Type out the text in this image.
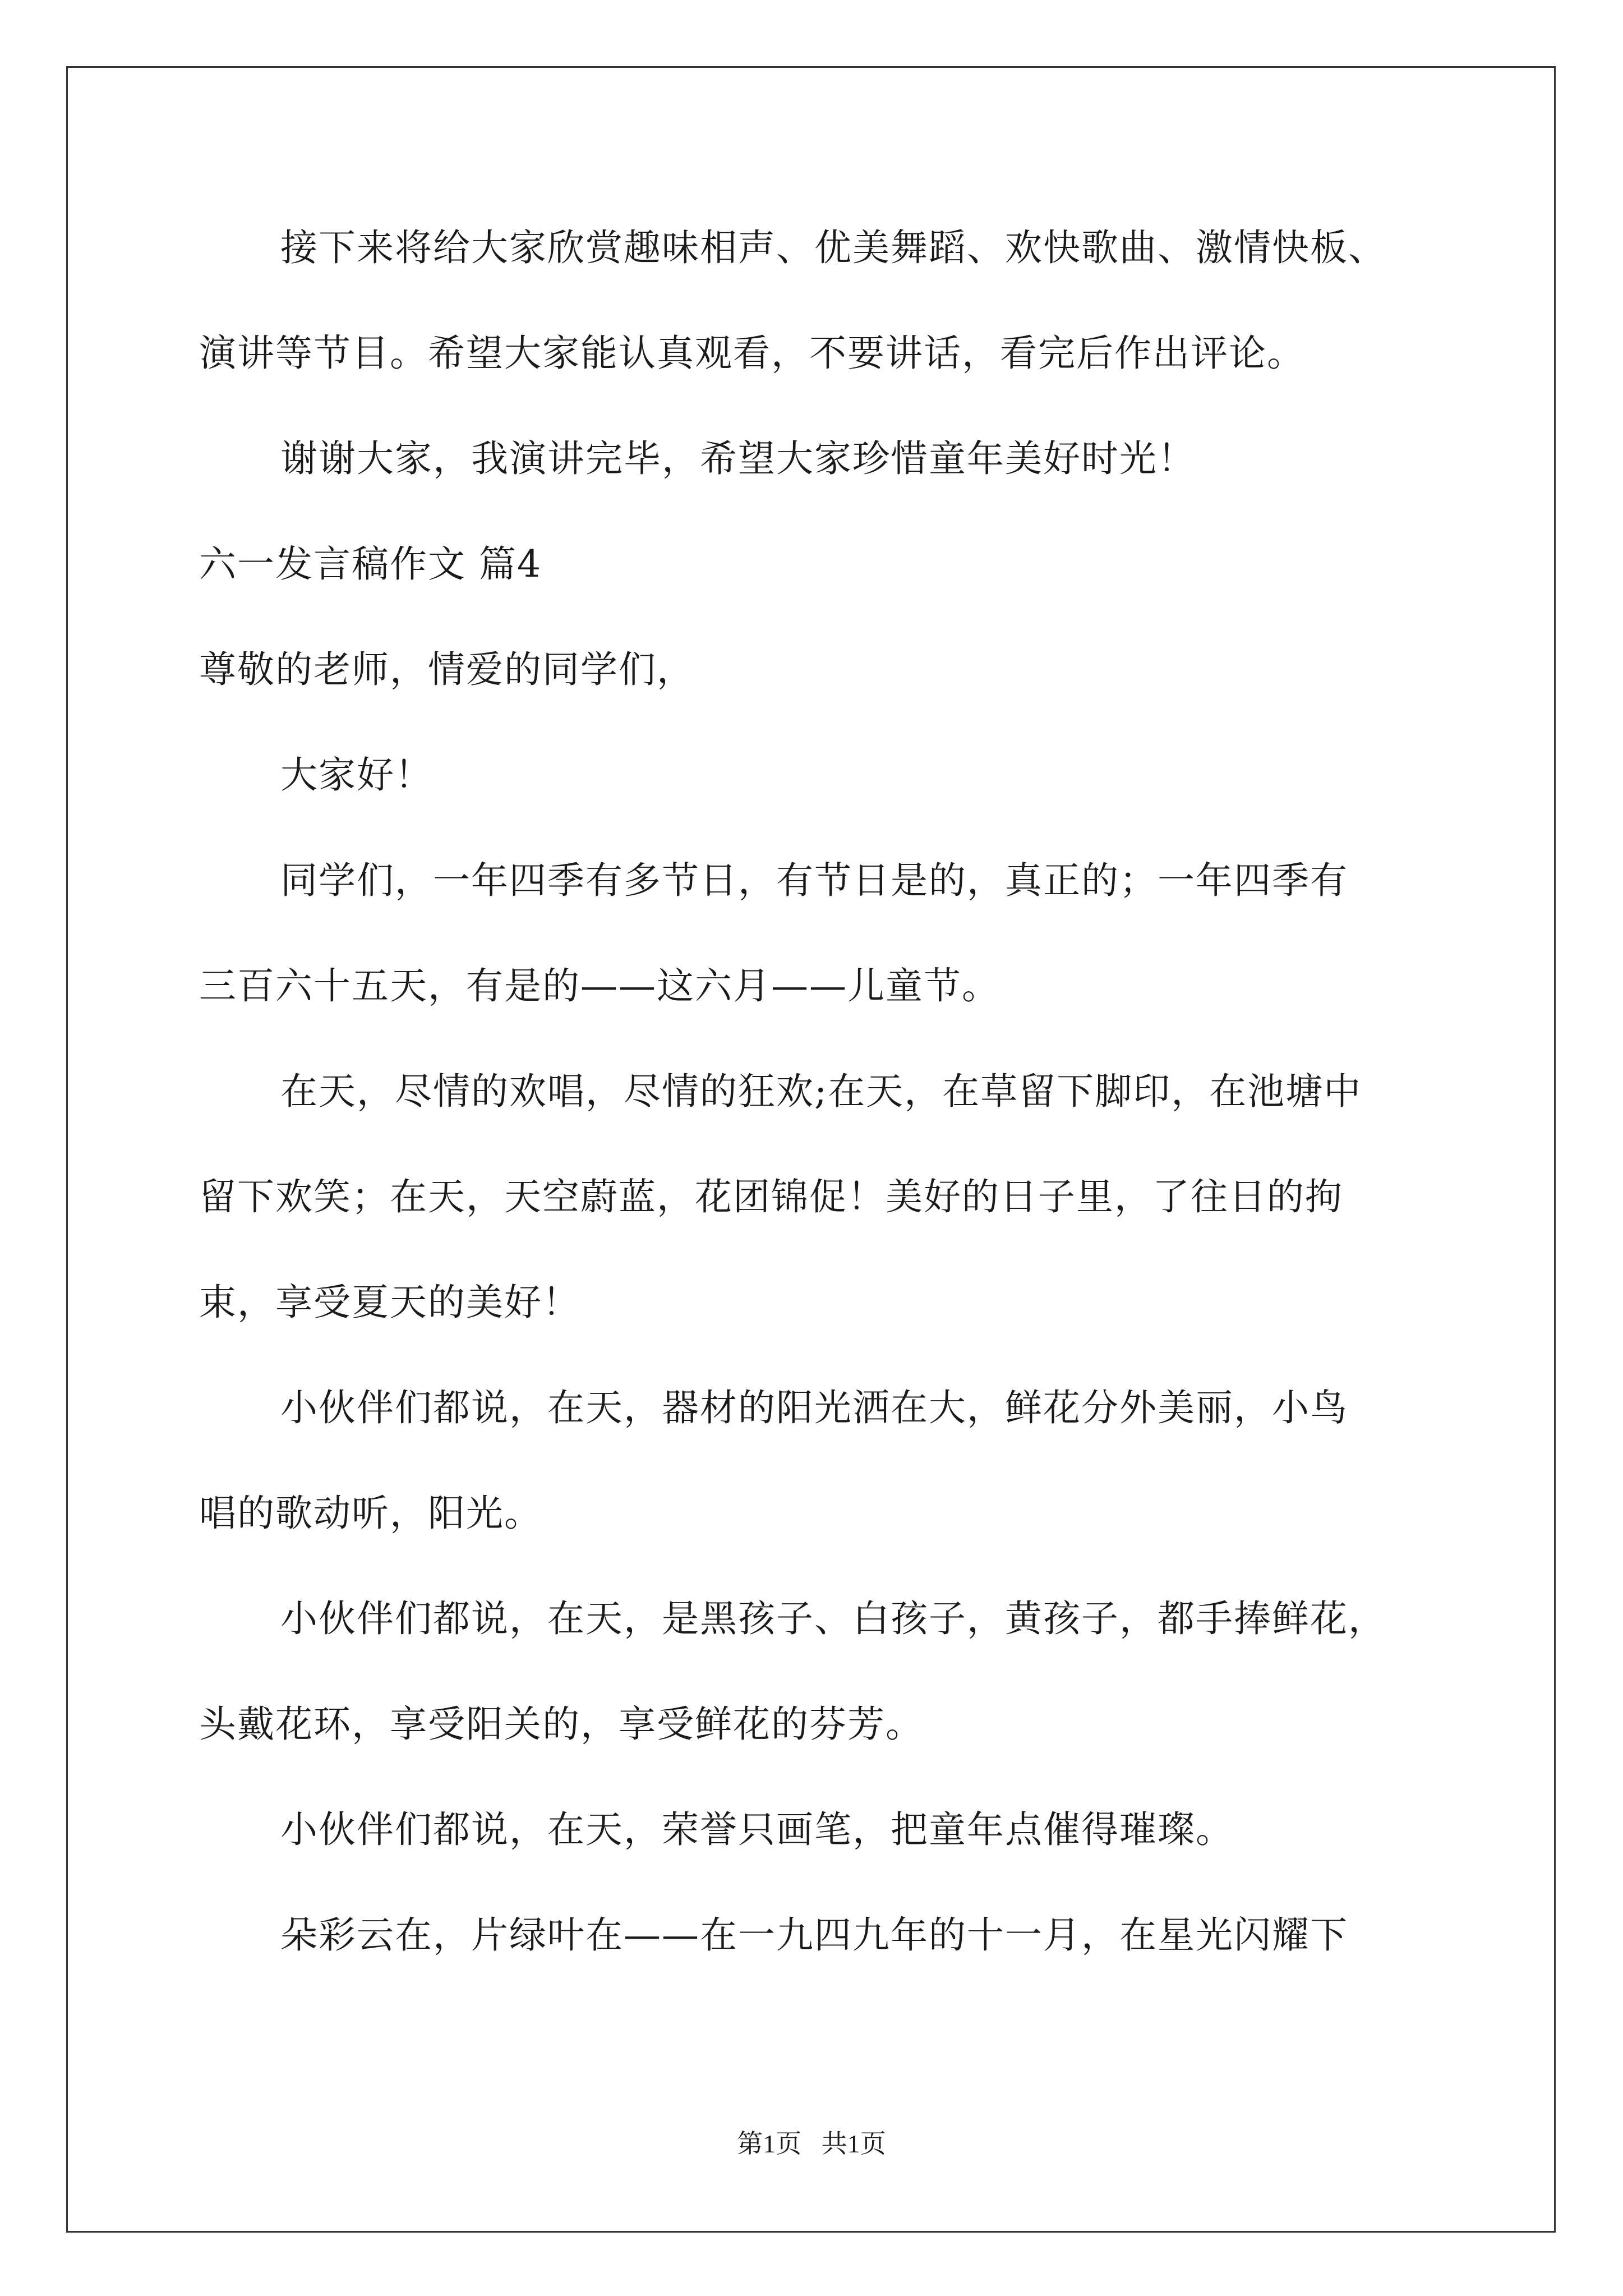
接下来将给大家欣赏趣味相声、优美舞蹈、欢快歌曲、激情快板、
演讲等节目。希望大家能认真观看，不要讲话，看完后作出评论。
谢谢大家，我演讲完毕，希望大家珍惜童年美好时光！
六一发言稿作文 篇4
尊敬的老师，情爱的同学们，
大家好！
同学们，一年四季有多节日，有节日是的，真正的；一年四季有
三百六十五天，有是的——这六月——儿童节。
在天，尽情的欢唱，尽情的狂欢;在天，在草留下脚印，在池塘中
留下欢笑；在天，天空蔚蓝，花团锦促！美好的日子里，了往日的拘
束，享受夏天的美好！
小伙伴们都说，在天，器材的阳光洒在大，鲜花分外美丽，小鸟
唱的歌动听，阳光。
小伙伴们都说，在天，是黑孩子、白孩子，黄孩子，都手捧鲜花，
头戴花环，享受阳关的，享受鲜花的芬芳。
小伙伴们都说，在天，荣誉只画笔，把童年点催得璀璨。
朵彩云在，片绿叶在——在一九四九年的十一月，在星光闪耀下
第1页 共1页
